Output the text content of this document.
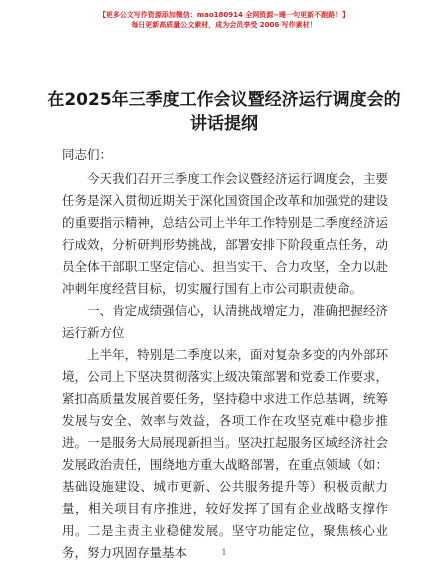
【更多公文写作资源添加微信：mao180914 全网资源~睡一句更新不跑路！】
每日更新高质量公文素材，成为会员享受 2006 写作素材！
在2025年三季度工作会议暨经济运行调度会的讲话提纲

同志们：

今天我们召开三季度工作会议暨经济运行调度会，主要任务是深入贯彻近期关于深化国资国企改革和加强党的建设的重要指示精神，总结公司上半年工作特别是二季度经济运行成效，分析研判形势挑战，部署安排下阶段重点任务，动员全体干部职工坚定信心、担当实干、合力攻坚，全力以赴冲刺年度经营目标，切实履行国有上市公司职责使命。

一、肯定成绩强信心，认清挑战增定力，准确把握经济运行新方位

上半年，特别是二季度以来，面对复杂多变的内外部环境，公司上下坚决贯彻落实上级决策部署和党委工作要求，紧扣高质量发展首要任务，坚持稳中求进工作总基调，统筹发展与安全、效率与效益，各项工作在攻坚克难中稳步推进。一是服务大局展现新担当。坚决扛起服务区域经济社会发展政治责任，围绕地方重大战略部署，在重点领域（如：基础设施建设、城市更新、公共服务提升等）积极贡献力量，相关项目有序推进，较好发挥了国有企业战略支撑作用。二是主责主业稳健发展。坚守功能定位，聚焦核心业务，努力巩固存量基本	1
